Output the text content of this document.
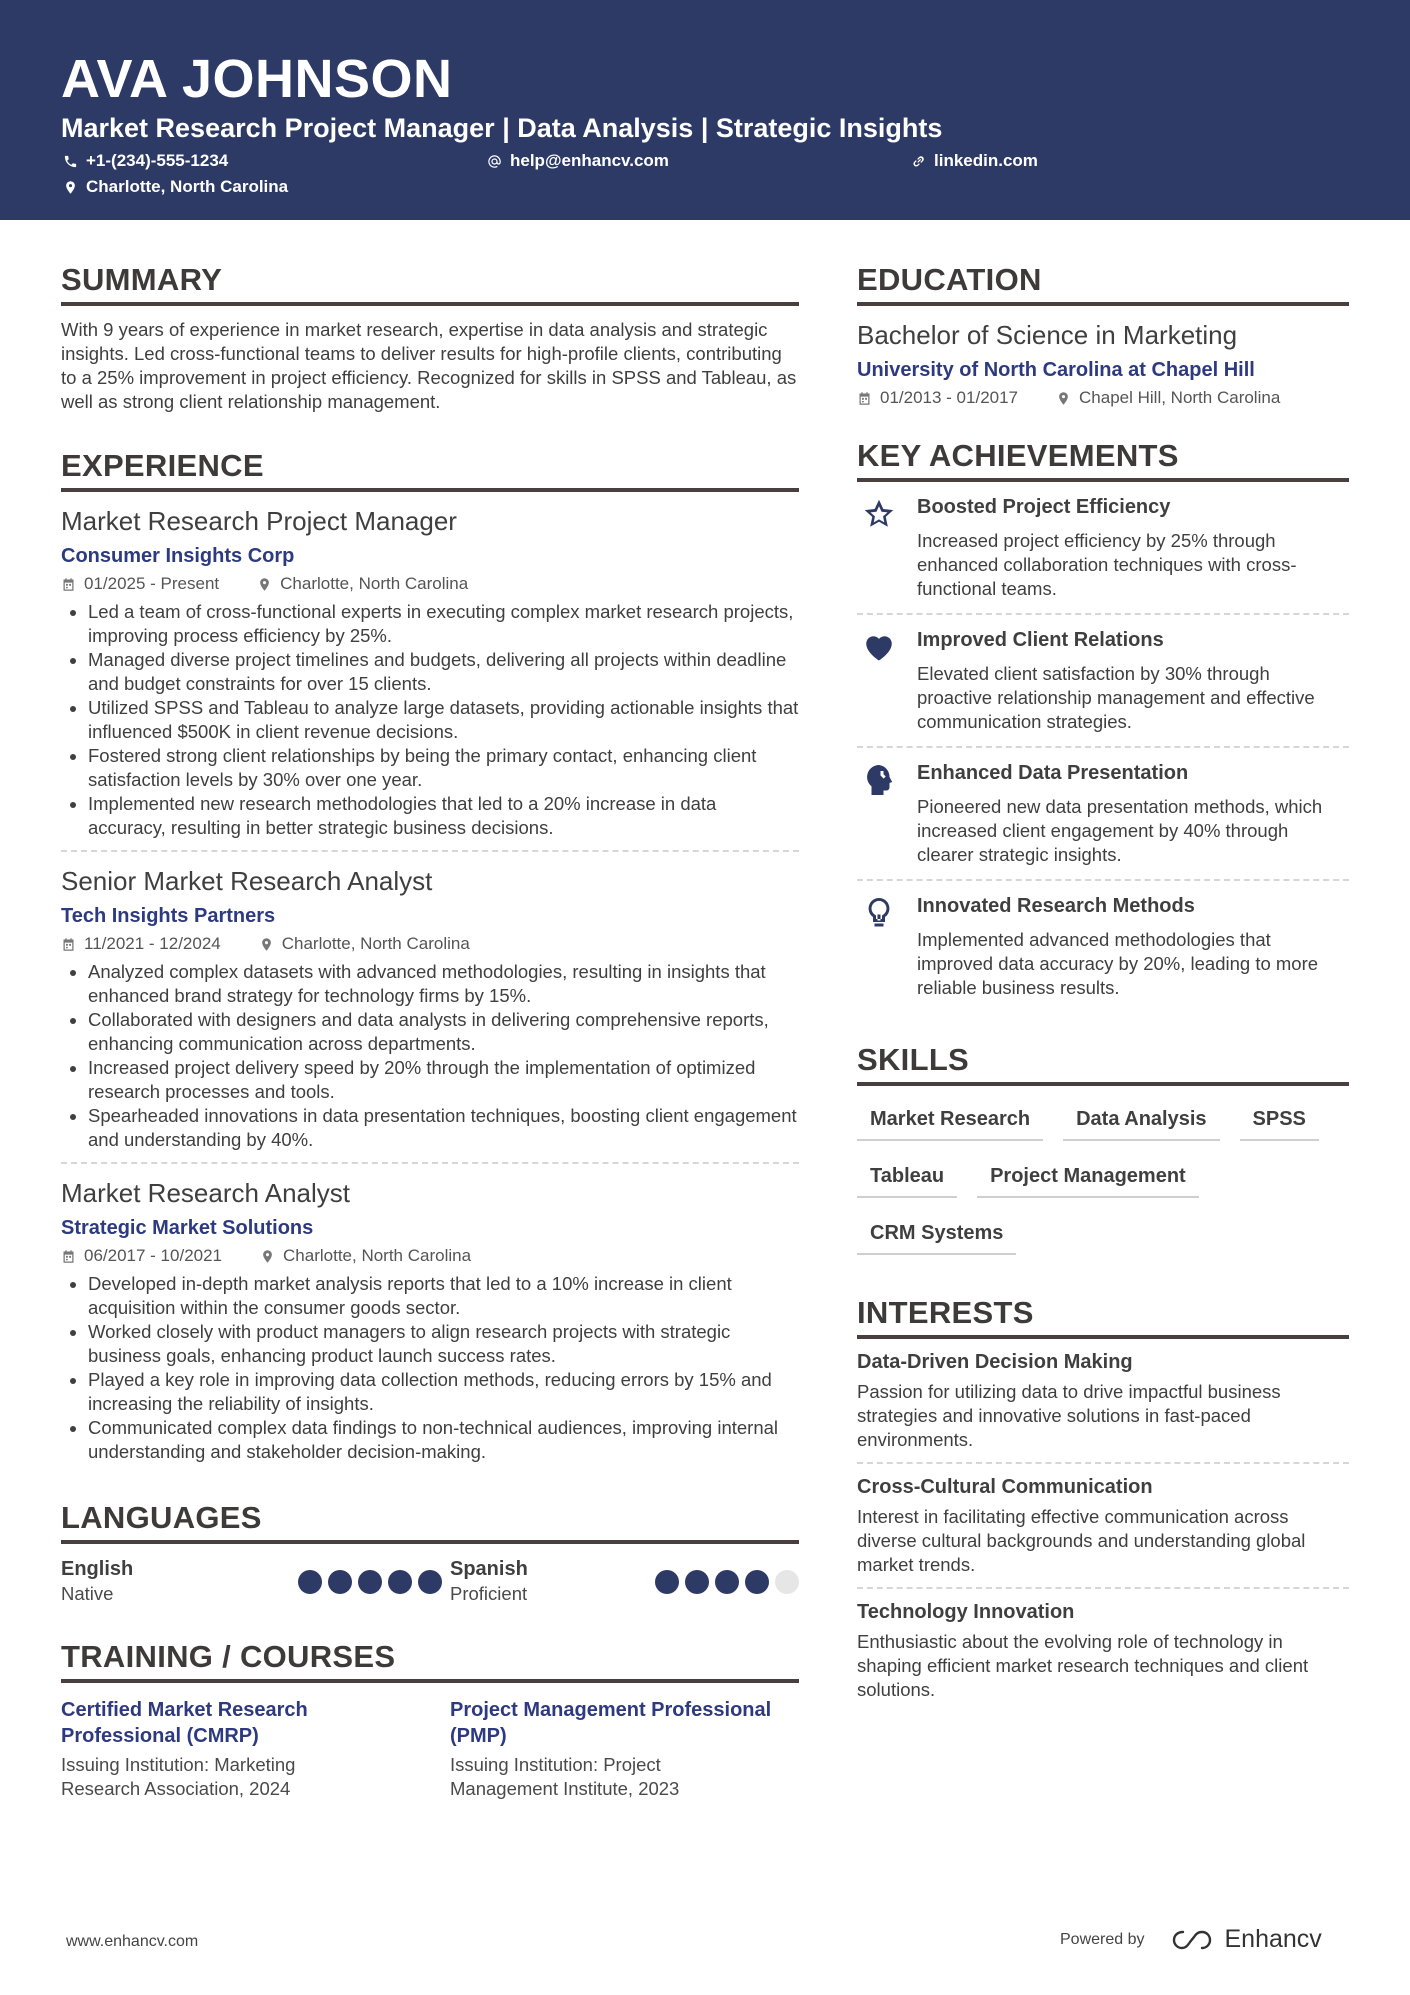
AVA JOHNSON
Market Research Project Manager | Data Analysis | Strategic Insights
+1-(234)-555-1234	help@enhancv.com	linkedin.com
Charlotte, North Carolina
SUMMARY

With 9 years of experience in market research, expertise in data analysis and strategic insights. Led cross-functional teams to deliver results for high-profile clients, contributing to a 25% improvement in project efficiency. Recognized for skills in SPSS and Tableau, as well as strong client relationship management.

EXPERIENCE

Market Research Project Manager

Consumer Insights Corp
01/2025 - Present	Charlotte, North Carolina
• Led a team of cross-functional experts in executing complex market research projects, improving process efficiency by 25%.
• Managed diverse project timelines and budgets, delivering all projects within deadline and budget constraints for over 15 clients.
• Utilized SPSS and Tableau to analyze large datasets, providing actionable insights that influenced $500K in client revenue decisions.
• Fostered strong client relationships by being the primary contact, enhancing client satisfaction levels by 30% over one year.
• Implemented new research methodologies that led to a 20% increase in data accuracy, resulting in better strategic business decisions.

Senior Market Research Analyst

Tech Insights Partners
11/2021 - 12/2024	Charlotte, North Carolina
• Analyzed complex datasets with advanced methodologies, resulting in insights that enhanced brand strategy for technology firms by 15%.
• Collaborated with designers and data analysts in delivering comprehensive reports, enhancing communication across departments.
• Increased project delivery speed by 20% through the implementation of optimized research processes and tools.
• Spearheaded innovations in data presentation techniques, boosting client engagement and understanding by 40%.

Market Research Analyst

Strategic Market Solutions
06/2017 - 10/2021	Charlotte, North Carolina
• Developed in-depth market analysis reports that led to a 10% increase in client acquisition within the consumer goods sector.
• Worked closely with product managers to align research projects with strategic business goals, enhancing product launch success rates.
• Played a key role in improving data collection methods, reducing errors by 15% and increasing the reliability of insights.
• Communicated complex data findings to non-technical audiences, improving internal understanding and stakeholder decision-making.
LANGUAGES
English
Native
Spanish
Proficient
TRAINING / COURSES
Certified Market Research Professional (CMRP)
Issuing Institution: Marketing Research Association, 2024
Project Management Professional (PMP)
Issuing Institution: Project Management Institute, 2023
EDUCATION

Bachelor of Science in Marketing

University of North Carolina at Chapel Hill
01/2013 - 01/2017	Chapel Hill, North Carolina
KEY ACHIEVEMENTS
Boosted Project Efficiency
Increased project efficiency by 25% through enhanced collaboration techniques with cross-functional teams.
Improved Client Relations
Elevated client satisfaction by 30% through proactive relationship management and effective communication strategies.
Enhanced Data Presentation
Pioneered new data presentation methods, which increased client engagement by 40% through clearer strategic insights.
Innovated Research Methods
Implemented advanced methodologies that improved data accuracy by 20%, leading to more reliable business results.
SKILLS
Market Research	Data Analysis	SPSS
Tableau	Project Management
CRM Systems
INTERESTS
Data-Driven Decision Making
Passion for utilizing data to drive impactful business strategies and innovative solutions in fast-paced environments.
Cross-Cultural Communication
Interest in facilitating effective communication across diverse cultural backgrounds and understanding global market trends.
Technology Innovation
Enthusiastic about the evolving role of technology in shaping efficient market research techniques and client solutions.
www.enhancv.com	Powered by	Enhancv
